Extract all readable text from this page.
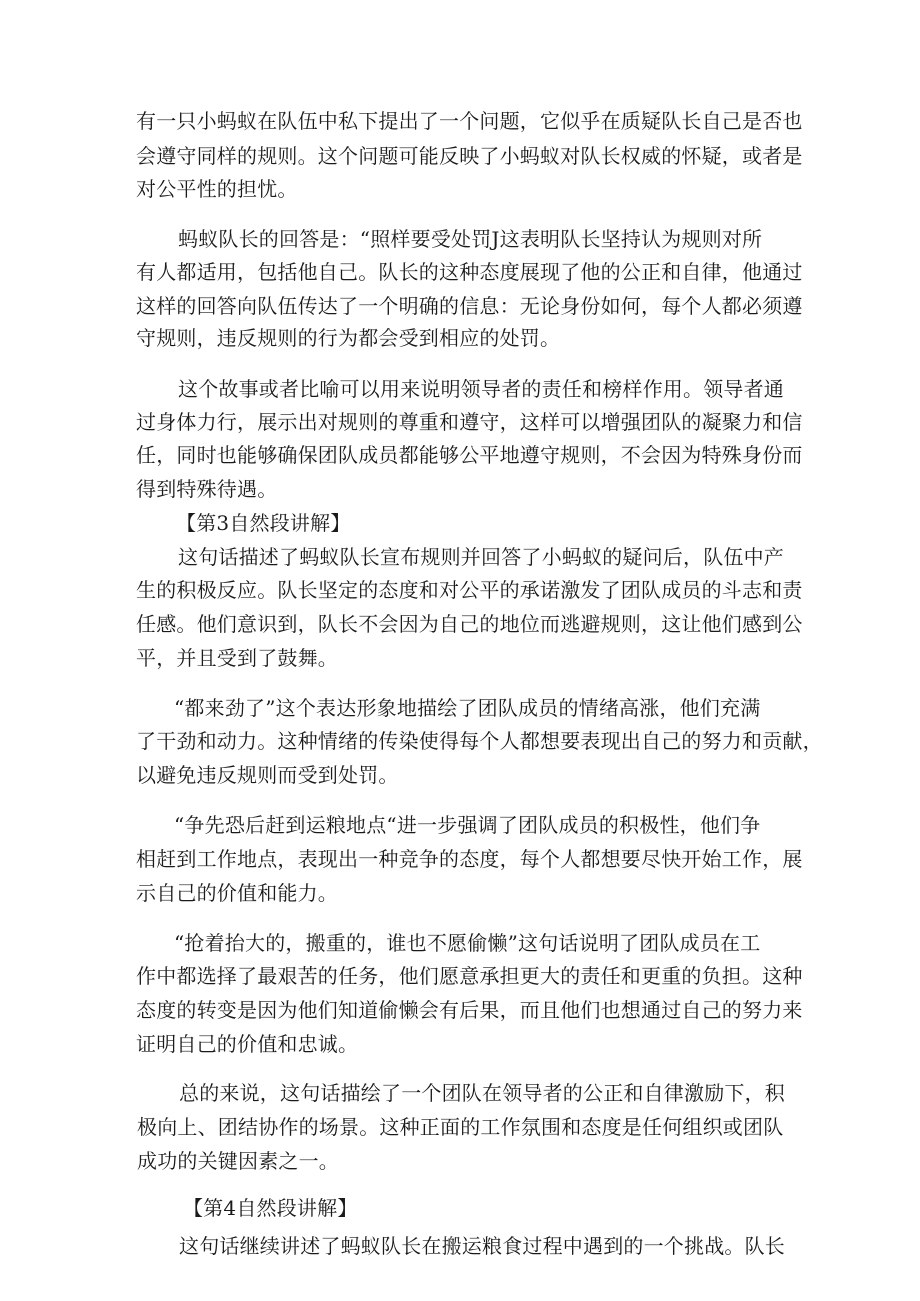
有一只小蚂蚁在队伍中私下提出了一个问题，它似乎在质疑队长自己是否也
会遵守同样的规则。这个问题可能反映了小蚂蚁对队长权威的怀疑，或者是
对公平性的担忧。
蚂蚁队长的回答是：“照样要受处罚J这表明队长坚持认为规则对所
有人都适用，包括他自己。队长的这种态度展现了他的公正和自律，他通过
这样的回答向队伍传达了一个明确的信息：无论身份如何，每个人都必须遵
守规则，违反规则的行为都会受到相应的处罚。
这个故事或者比喻可以用来说明领导者的责任和榜样作用。领导者通
过身体力行，展示出对规则的尊重和遵守，这样可以增强团队的凝聚力和信
任，同时也能够确保团队成员都能够公平地遵守规则，不会因为特殊身份而
得到特殊待遇。
【第3自然段讲解】
这句话描述了蚂蚁队长宣布规则并回答了小蚂蚁的疑问后，队伍中产
生的积极反应。队长坚定的态度和对公平的承诺激发了团队成员的斗志和责
任感。他们意识到，队长不会因为自己的地位而逃避规则，这让他们感到公
平，并且受到了鼓舞。
“都来劲了”这个表达形象地描绘了团队成员的情绪高涨，他们充满
了干劲和动力。这种情绪的传染使得每个人都想要表现出自己的努力和贡献，
以避免违反规则而受到处罚。
“争先恐后赶到运粮地点“进一步强调了团队成员的积极性，他们争
相赶到工作地点，表现出一种竞争的态度，每个人都想要尽快开始工作，展
示自己的价值和能力。
“抢着抬大的，搬重的，谁也不愿偷懒”这句话说明了团队成员在工
作中都选择了最艰苦的任务，他们愿意承担更大的责任和更重的负担。这种
态度的转变是因为他们知道偷懒会有后果，而且他们也想通过自己的努力来
证明自己的价值和忠诚。
总的来说，这句话描绘了一个团队在领导者的公正和自律激励下，积
极向上、团结协作的场景。这种正面的工作氛围和态度是任何组织或团队
成功的关键因素之一。
【第4自然段讲解】
这句话继续讲述了蚂蚁队长在搬运粮食过程中遇到的一个挑战。队长
